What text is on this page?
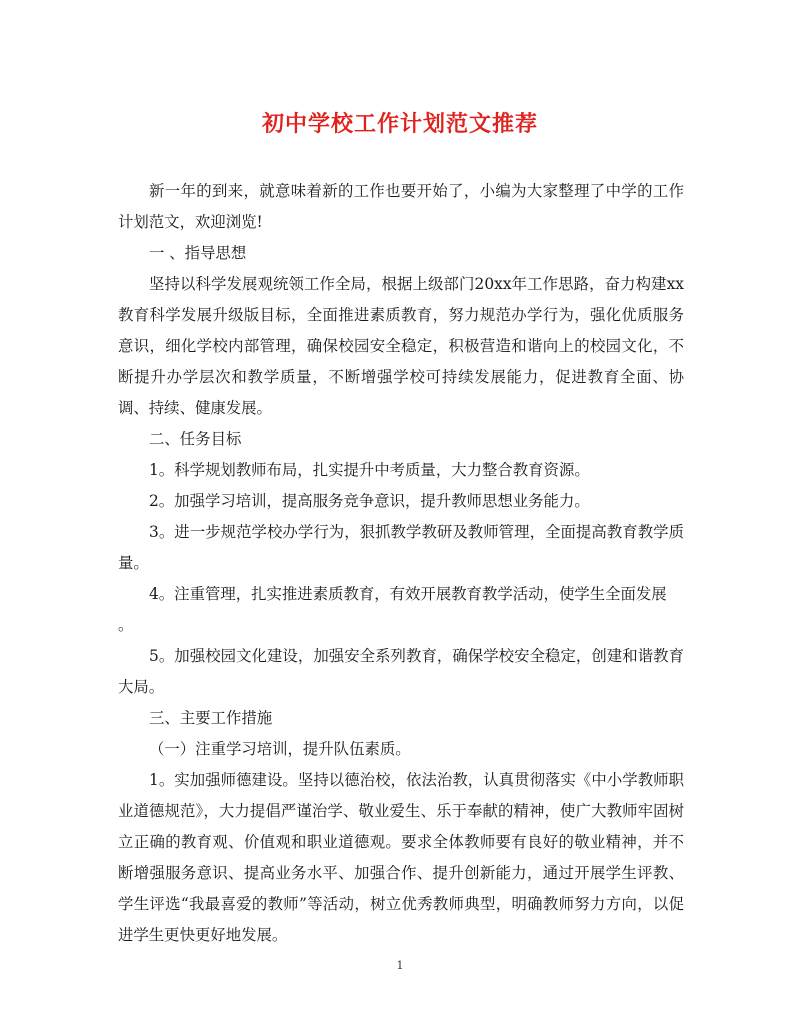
初中学校工作计划范文推荐

新一年的到来，就意味着新的工作也要开始了，小编为大家整理了中学的工作计划范文，欢迎浏览!

一 、指导思想

坚持以科学发展观统领工作全局，根据上级部门20xx年工作思路，奋力构建xx教育科学发展升级版目标，全面推进素质教育，努力规范办学行为，强化优质服务意识，细化学校内部管理，确保校园安全稳定，积极营造和谐向上的校园文化，不断提升办学层次和教学质量，不断增强学校可持续发展能力，促进教育全面、协调、持续、健康发展。

二、任务目标

1。科学规划教师布局，扎实提升中考质量，大力整合教育资源。

2。加强学习培训，提高服务竞争意识，提升教师思想业务能力。

3。进一步规范学校办学行为，狠抓教学教研及教师管理，全面提高教育教学质量。

4。注重管理，扎实推进素质教育，有效开展教育教学活动，使学生全面发展

。

5。加强校园文化建设，加强安全系列教育，确保学校安全稳定，创建和谐教育大局。

三、主要工作措施

（一）注重学习培训，提升队伍素质。

1。实加强师德建设。坚持以德治校，依法治教，认真贯彻落实《中小学教师职业道德规范》，大力提倡严谨治学、敬业爱生、乐于奉献的精神，使广大教师牢固树立正确的教育观、价值观和职业道德观。要求全体教师要有良好的敬业精神，并不断增强服务意识、提高业务水平、加强合作、提升创新能力，通过开展学生评教、学生评选“我最喜爱的教师”等活动，树立优秀教师典型，明确教师努力方向，以促进学生更快更好地发展。

1
